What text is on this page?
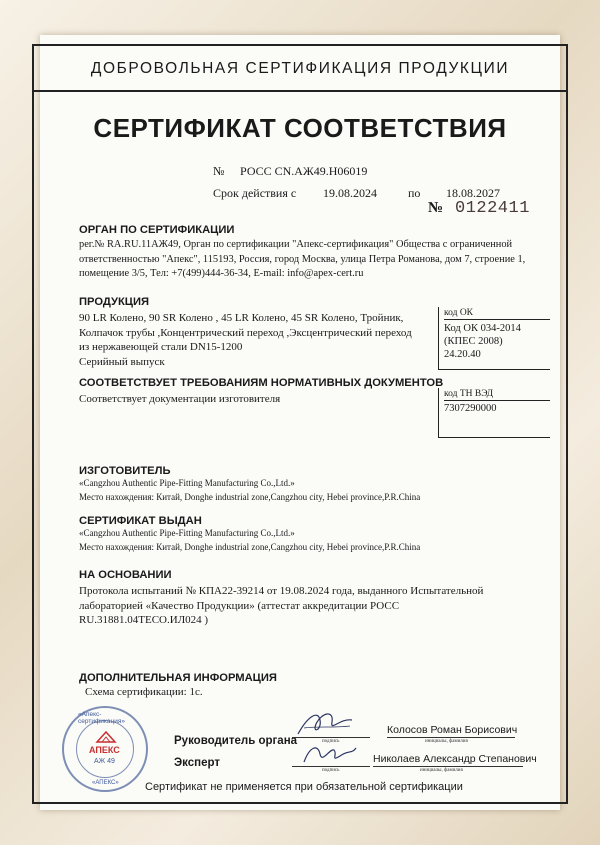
ДОБРОВОЛЬНАЯ СЕРТИФИКАЦИЯ ПРОДУКЦИИ
СЕРТИФИКАТ СООТВЕТСТВИЯ
№ РОСС CN.АЖ49.H06019
Срок действия с 19.08.2024	по 18.08.2027
№ 0122411
ОРГАН ПО СЕРТИФИКАЦИИ
рег.№ RA.RU.11АЖ49, Орган по сертификации "Апекс-сертификация" Общества с ограниченной
ответственностью "Апекс", 115193, Россия, город Москва, улица Петра Романова, дом 7, строение 1,
помещение 3/5, Тел: +7(499)444-36-34, E-mail: info@apex-cert.ru
ПРОДУКЦИЯ
90 LR Колено, 90 SR Колено , 45 LR Колено, 45 SR Колено, Тройник,
Колпачок трубы ,Концентрический переход ,Эксцентрический переход
из нержавеющей стали DN15-1200
Серийный выпуск
код ОК
Код ОК 034-2014
(КПЕС 2008)
24.20.40
СООТВЕТСТВУЕТ ТРЕБОВАНИЯМ НОРМАТИВНЫХ ДОКУМЕНТОВ
Соответствует документации изготовителя	код ТН ВЭД
7307290000
ИЗГОТОВИТЕЛЬ
«Cangzhou Authentic Pipe-Fitting Manufacturing Co.,Ltd.»
Место нахождения: Китай, Donghe industrial zone,Cangzhou city, Hebei province,P.R.China
СЕРТИФИКАТ ВЫДАН
«Cangzhou Authentic Pipe-Fitting Manufacturing Co.,Ltd.»
Место нахождения: Китай, Donghe industrial zone,Cangzhou city, Hebei province,P.R.China
НА ОСНОВАНИИ
Протокола испытаний № КПА22-39214 от 19.08.2024 года, выданного Испытательной
лабораторией «Качество Продукции» (аттестат аккредитации РОСС
RU.31881.04ТЕСО.ИЛ024 )
ДОПОЛНИТЕЛЬНАЯ ИНФОРМАЦИЯ
Схема сертификации: 1с.
Руководитель органа	подпись
Колосов Роман Борисович
инициалы, фамилия
Эксперт
подпись
Николаев Александр Степанович
инициалы, фамилия
«Апекс-сертификация»
АПЕКС
АЖ 49
«АПЕКС» Сертификат не применяется при обязательной сертификации
